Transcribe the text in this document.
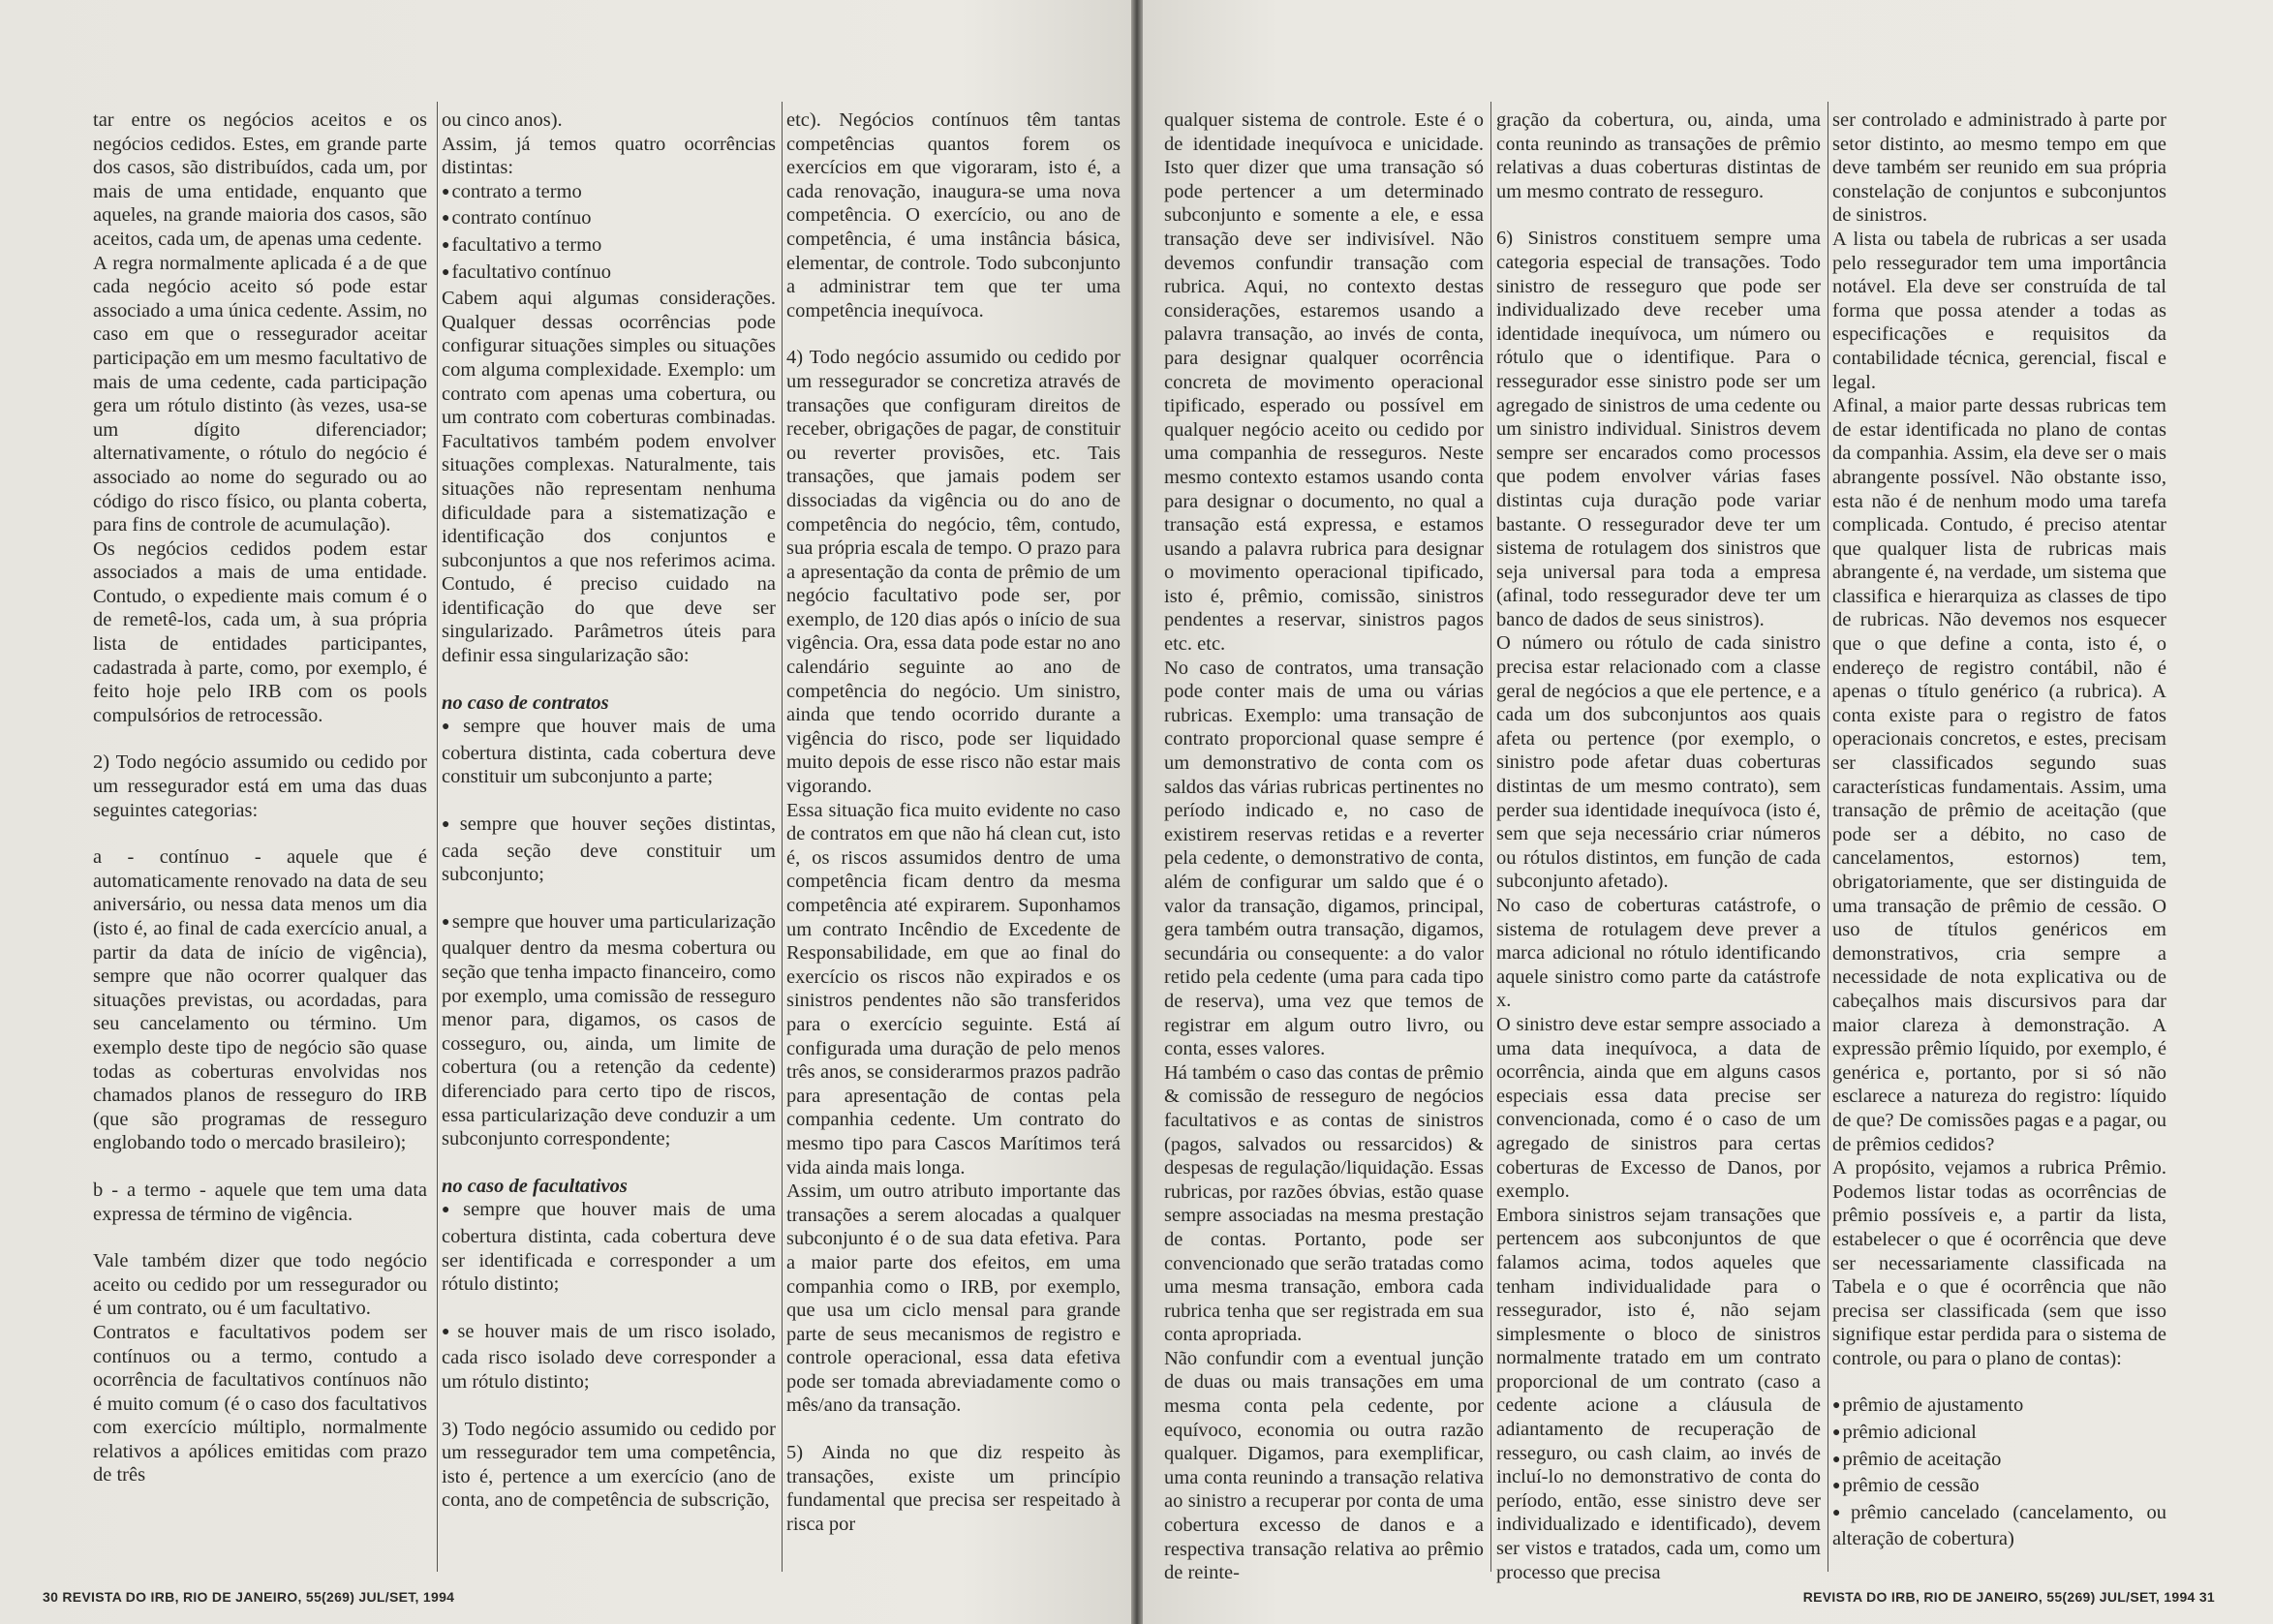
tar entre os negócios aceitos e os negócios cedidos. Estes, em grande parte dos casos, são distribuídos, cada um, por mais de uma entidade, enquanto que aqueles, na grande maioria dos casos, são aceitos, cada um, de apenas uma cedente.

A regra normalmente aplicada é a de que cada negócio aceito só pode estar associado a uma única cedente. Assim, no caso em que o ressegurador aceitar participação em um mesmo facultativo de mais de uma cedente, cada participação gera um rótulo distinto (às vezes, usa-se um dígito diferenciador; alternativamente, o rótulo do negócio é associado ao nome do segurado ou ao código do risco físico, ou planta coberta, para fins de controle de acumulação).

Os negócios cedidos podem estar associados a mais de uma entidade. Contudo, o expediente mais comum é o de remetê-los, cada um, à sua própria lista de entidades participantes, cadastrada à parte, como, por exemplo, é feito hoje pelo IRB com os pools compulsórios de retrocessão.

2) Todo negócio assumido ou cedido por um ressegurador está em uma das duas seguintes categorias:

a - contínuo - aquele que é automaticamente renovado na data de seu aniversário, ou nessa data menos um dia (isto é, ao final de cada exercício anual, a partir da data de início de vigência), sempre que não ocorrer qualquer das situações previstas, ou acordadas, para seu cancelamento ou término. Um exemplo deste tipo de negócio são quase todas as coberturas envolvidas nos chamados planos de resseguro do IRB (que são programas de resseguro englobando todo o mercado brasileiro);

b - a termo - aquele que tem uma data expressa de término de vigência.

Vale também dizer que todo negócio aceito ou cedido por um ressegurador ou é um contrato, ou é um facultativo.

Contratos e facultativos podem ser contínuos ou a termo, contudo a ocorrência de facultativos contínuos não é muito comum (é o caso dos facultativos com exercício múltiplo, normalmente relativos a apólices emitidas com prazo de três

ou cinco anos).

Assim, já temos quatro ocorrências distintas:

● contrato a termo

● contrato contínuo

● facultativo a termo

● facultativo contínuo

Cabem aqui algumas considerações. Qualquer dessas ocorrências pode configurar situações simples ou situações com alguma complexidade. Exemplo: um contrato com apenas uma cobertura, ou um contrato com coberturas combinadas. Facultativos também podem envolver situações complexas. Naturalmente, tais situações não representam nenhuma dificuldade para a sistematização e identificação dos conjuntos e subconjuntos a que nos referimos acima. Contudo, é preciso cuidado na identificação do que deve ser singularizado. Parâmetros úteis para definir essa singularização são:

no caso de contratos

● sempre que houver mais de uma cobertura distinta, cada cobertura deve constituir um subconjunto a parte;

● sempre que houver seções distintas, cada seção deve constituir um subconjunto;

● sempre que houver uma particularização qualquer dentro da mesma cobertura ou seção que tenha impacto financeiro, como por exemplo, uma comissão de resseguro menor para, digamos, os casos de cosseguro, ou, ainda, um limite de cobertura (ou a retenção da cedente) diferenciado para certo tipo de riscos, essa particularização deve conduzir a um subconjunto correspondente;

no caso de facultativos

● sempre que houver mais de uma cobertura distinta, cada cobertura deve ser identificada e corresponder a um rótulo distinto;

● se houver mais de um risco isolado, cada risco isolado deve corresponder a um rótulo distinto;

3) Todo negócio assumido ou cedido por um ressegurador tem uma competência, isto é, pertence a um exercício (ano de conta, ano de competência de subscrição,

etc). Negócios contínuos têm tantas competências quantos forem os exercícios em que vigoraram, isto é, a cada renovação, inaugura-se uma nova competência. O exercício, ou ano de competência, é uma instância básica, elementar, de controle. Todo subconjunto a administrar tem que ter uma competência inequívoca.

4) Todo negócio assumido ou cedido por um ressegurador se concretiza através de transações que configuram direitos de receber, obrigações de pagar, de constituir ou reverter provisões, etc. Tais transações, que jamais podem ser dissociadas da vigência ou do ano de competência do negócio, têm, contudo, sua própria escala de tempo. O prazo para a apresentação da conta de prêmio de um negócio facultativo pode ser, por exemplo, de 120 dias após o início de sua vigência. Ora, essa data pode estar no ano calendário seguinte ao ano de competência do negócio. Um sinistro, ainda que tendo ocorrido durante a vigência do risco, pode ser liquidado muito depois de esse risco não estar mais vigorando.

Essa situação fica muito evidente no caso de contratos em que não há clean cut, isto é, os riscos assumidos dentro de uma competência ficam dentro da mesma competência até expirarem. Suponhamos um contrato Incêndio de Excedente de Responsabilidade, em que ao final do exercício os riscos não expirados e os sinistros pendentes não são transferidos para o exercício seguinte. Está aí configurada uma duração de pelo menos três anos, se considerarmos prazos padrão para apresentação de contas pela companhia cedente. Um contrato do mesmo tipo para Cascos Marítimos terá vida ainda mais longa.

Assim, um outro atributo importante das transações a serem alocadas a qualquer subconjunto é o de sua data efetiva. Para a maior parte dos efeitos, em uma companhia como o IRB, por exemplo, que usa um ciclo mensal para grande parte de seus mecanismos de registro e controle operacional, essa data efetiva pode ser tomada abreviadamente como o mês/ano da transação.

5) Ainda no que diz respeito às transações, existe um princípio fundamental que precisa ser respeitado à risca por

30 REVISTA DO IRB, RIO DE JANEIRO, 55(269) JUL/SET, 1994

qualquer sistema de controle. Este é o de identidade inequívoca e unicidade. Isto quer dizer que uma transação só pode pertencer a um determinado subconjunto e somente a ele, e essa transação deve ser indivisível. Não devemos confundir transação com rubrica. Aqui, no contexto destas considerações, estaremos usando a palavra transação, ao invés de conta, para designar qualquer ocorrência concreta de movimento operacional tipificado, esperado ou possível em qualquer negócio aceito ou cedido por uma companhia de resseguros. Neste mesmo contexto estamos usando conta para designar o documento, no qual a transação está expressa, e estamos usando a palavra rubrica para designar o movimento operacional tipificado, isto é, prêmio, comissão, sinistros pendentes a reservar, sinistros pagos etc. etc.

No caso de contratos, uma transação pode conter mais de uma ou várias rubricas. Exemplo: uma transação de contrato proporcional quase sempre é um demonstrativo de conta com os saldos das várias rubricas pertinentes no período indicado e, no caso de existirem reservas retidas e a reverter pela cedente, o demonstrativo de conta, além de configurar um saldo que é o valor da transação, digamos, principal, gera também outra transação, digamos, secundária ou consequente: a do valor retido pela cedente (uma para cada tipo de reserva), uma vez que temos de registrar em algum outro livro, ou conta, esses valores.

Há também o caso das contas de prêmio & comissão de resseguro de negócios facultativos e as contas de sinistros (pagos, salvados ou ressarcidos) & despesas de regulação/liquidação. Essas rubricas, por razões óbvias, estão quase sempre associadas na mesma prestação de contas. Portanto, pode ser convencionado que serão tratadas como uma mesma transação, embora cada rubrica tenha que ser registrada em sua conta apropriada.

Não confundir com a eventual junção de duas ou mais transações em uma mesma conta pela cedente, por equívoco, economia ou outra razão qualquer. Digamos, para exemplificar, uma conta reunindo a transação relativa ao sinistro a recuperar por conta de uma cobertura excesso de danos e a respectiva transação relativa ao prêmio de reinte-

gração da cobertura, ou, ainda, uma conta reunindo as transações de prêmio relativas a duas coberturas distintas de um mesmo contrato de resseguro.

6) Sinistros constituem sempre uma categoria especial de transações. Todo sinistro de resseguro que pode ser individualizado deve receber uma identidade inequívoca, um número ou rótulo que o identifique. Para o ressegurador esse sinistro pode ser um agregado de sinistros de uma cedente ou um sinistro individual. Sinistros devem sempre ser encarados como processos que podem envolver várias fases distintas cuja duração pode variar bastante. O ressegurador deve ter um sistema de rotulagem dos sinistros que seja universal para toda a empresa (afinal, todo ressegurador deve ter um banco de dados de seus sinistros).

O número ou rótulo de cada sinistro precisa estar relacionado com a classe geral de negócios a que ele pertence, e a cada um dos subconjuntos aos quais afeta ou pertence (por exemplo, o sinistro pode afetar duas coberturas distintas de um mesmo contrato), sem perder sua identidade inequívoca (isto é, sem que seja necessário criar números ou rótulos distintos, em função de cada subconjunto afetado).

No caso de coberturas catástrofe, o sistema de rotulagem deve prever a marca adicional no rótulo identificando aquele sinistro como parte da catástrofe x.

O sinistro deve estar sempre associado a uma data inequívoca, a data de ocorrência, ainda que em alguns casos especiais essa data precise ser convencionada, como é o caso de um agregado de sinistros para certas coberturas de Excesso de Danos, por exemplo.

Embora sinistros sejam transações que pertencem aos subconjuntos de que falamos acima, todos aqueles que tenham individualidade para o ressegurador, isto é, não sejam simplesmente o bloco de sinistros normalmente tratado em um contrato proporcional de um contrato (caso a cedente acione a cláusula de adiantamento de recuperação de resseguro, ou cash claim, ao invés de incluí-lo no demonstrativo de conta do período, então, esse sinistro deve ser individualizado e identificado), devem ser vistos e tratados, cada um, como um processo que precisa

ser controlado e administrado à parte por setor distinto, ao mesmo tempo em que deve também ser reunido em sua própria constelação de conjuntos e subconjuntos de sinistros.

A lista ou tabela de rubricas a ser usada pelo ressegurador tem uma importância notável. Ela deve ser construída de tal forma que possa atender a todas as especificações e requisitos da contabilidade técnica, gerencial, fiscal e legal.

Afinal, a maior parte dessas rubricas tem de estar identificada no plano de contas da companhia. Assim, ela deve ser o mais abrangente possível. Não obstante isso, esta não é de nenhum modo uma tarefa complicada. Contudo, é preciso atentar que qualquer lista de rubricas mais abrangente é, na verdade, um sistema que classifica e hierarquiza as classes de tipo de rubricas. Não devemos nos esquecer que o que define a conta, isto é, o endereço de registro contábil, não é apenas o título genérico (a rubrica). A conta existe para o registro de fatos operacionais concretos, e estes, precisam ser classificados segundo suas características fundamentais. Assim, uma transação de prêmio de aceitação (que pode ser a débito, no caso de cancelamentos, estornos) tem, obrigatoriamente, que ser distinguida de uma transação de prêmio de cessão. O uso de títulos genéricos em demonstrativos, cria sempre a necessidade de nota explicativa ou de cabeçalhos mais discursivos para dar maior clareza à demonstração. A expressão prêmio líquido, por exemplo, é genérica e, portanto, por si só não esclarece a natureza do registro: líquido de que? De comissões pagas e a pagar, ou de prêmios cedidos?

A propósito, vejamos a rubrica Prêmio. Podemos listar todas as ocorrências de prêmio possíveis e, a partir da lista, estabelecer o que é ocorrência que deve ser necessariamente classificada na Tabela e o que é ocorrência que não precisa ser classificada (sem que isso signifique estar perdida para o sistema de controle, ou para o plano de contas):

● prêmio de ajustamento

● prêmio adicional

● prêmio de aceitação

● prêmio de cessão

● prêmio cancelado (cancelamento, ou alteração de cobertura)

REVISTA DO IRB, RIO DE JANEIRO, 55(269) JUL/SET, 1994 31
